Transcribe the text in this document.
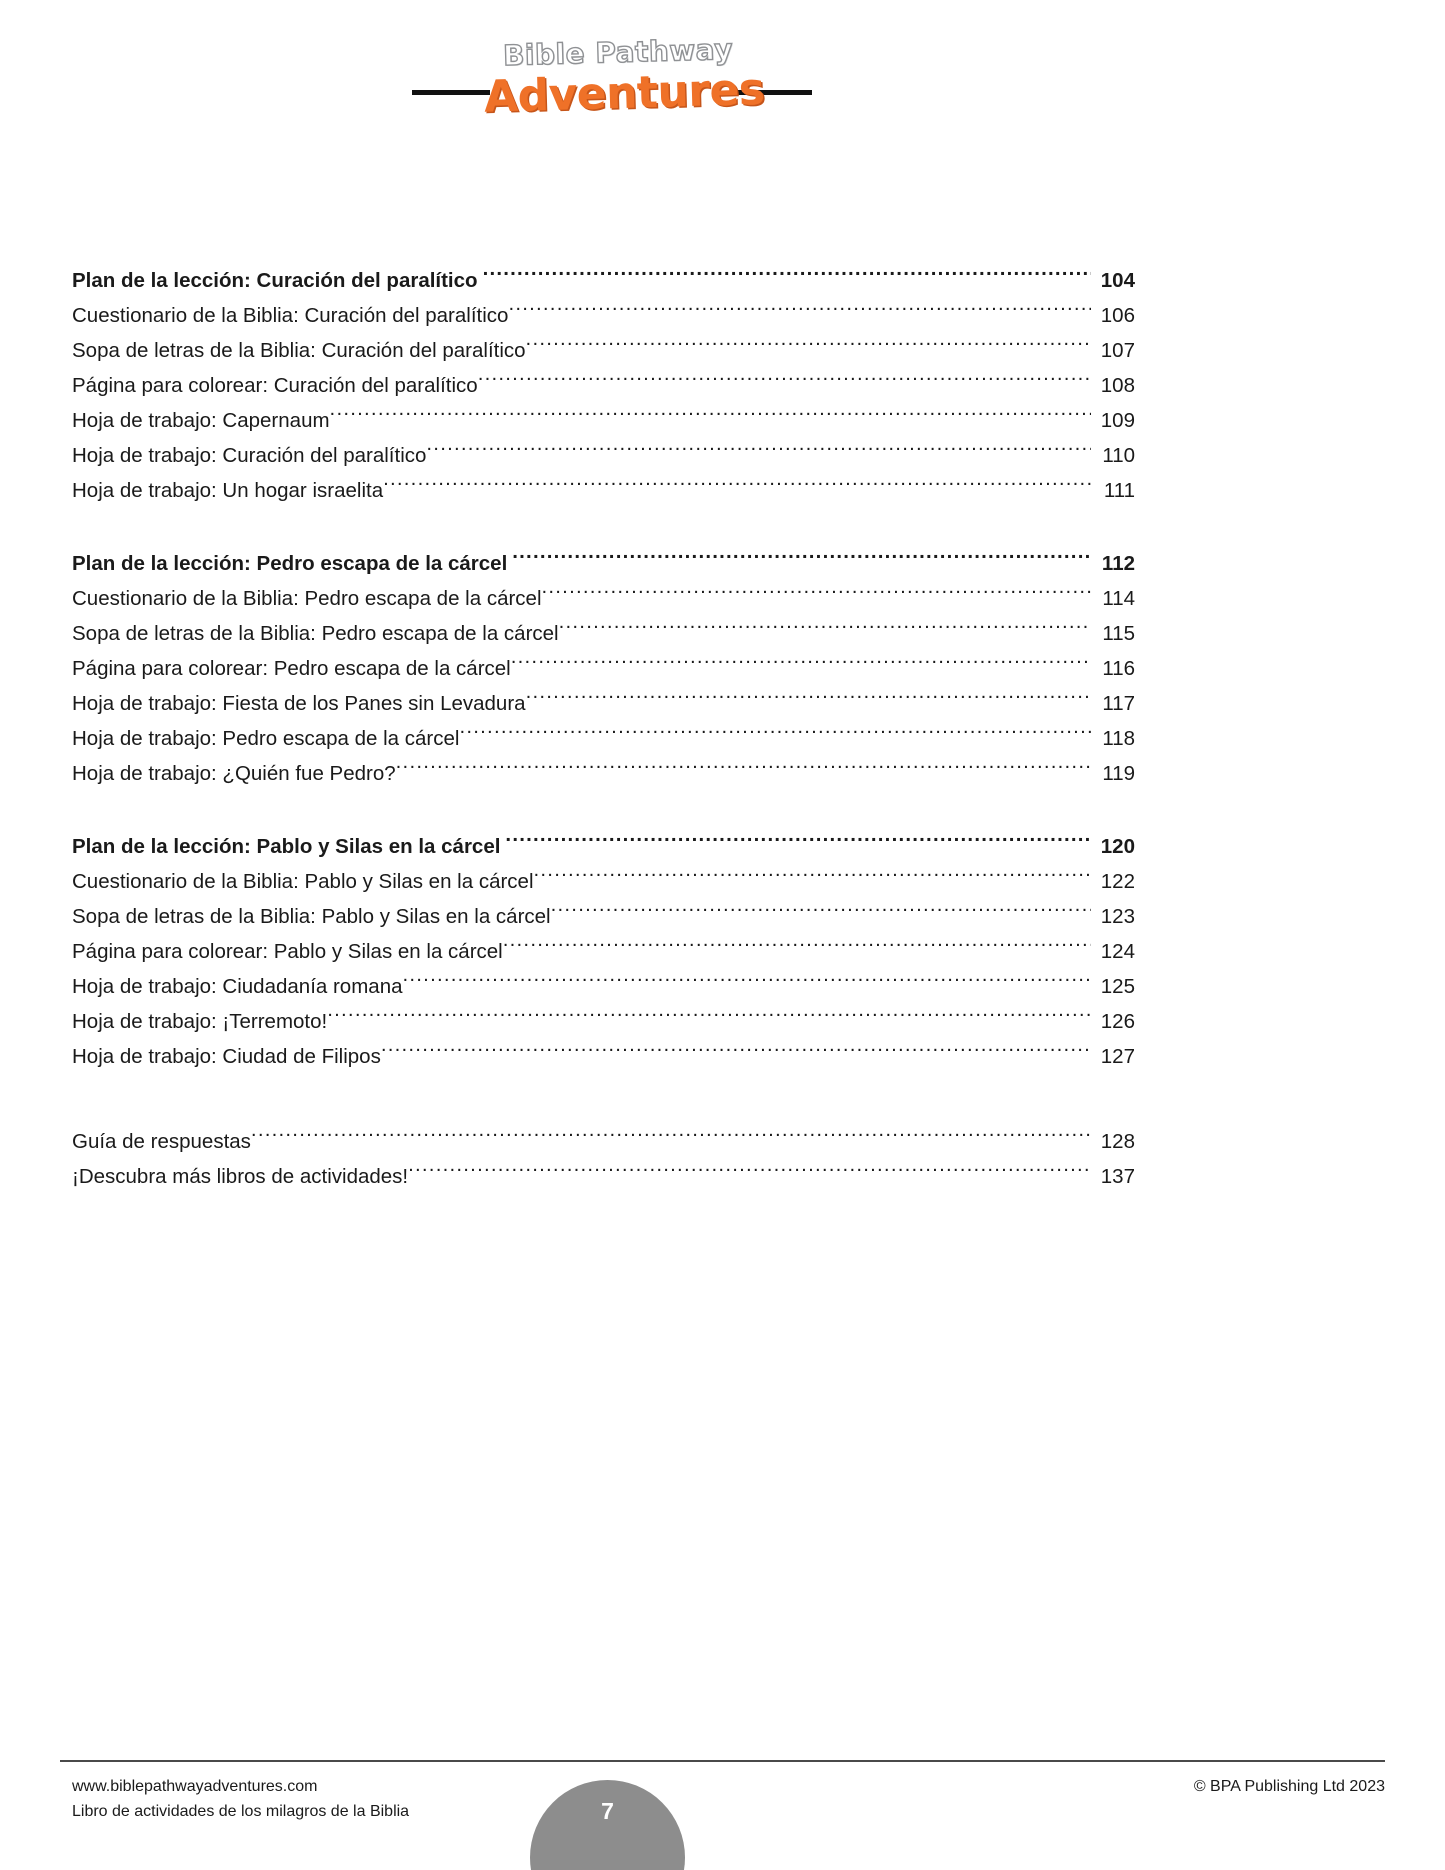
Bible Pathway
Adventures
Plan de la lección: Curación del paralítico .....	104
Cuestionario de la Biblia: Curación del paralítico .....	106
Sopa de letras de la Biblia: Curación del paralítico .....	107
Página para colorear: Curación del paralítico .....	108
Hoja de trabajo: Capernaum .....	109
Hoja de trabajo: Curación del paralítico .....	110
Hoja de trabajo: Un hogar israelita .....	111
Plan de la lección: Pedro escapa de la cárcel .....	112
Cuestionario de la Biblia: Pedro escapa de la cárcel .....	114
Sopa de letras de la Biblia: Pedro escapa de la cárcel .....	115
Página para colorear: Pedro escapa de la cárcel .....	116
Hoja de trabajo: Fiesta de los Panes sin Levadura .....	117
Hoja de trabajo: Pedro escapa de la cárcel .....	118
Hoja de trabajo: ¿Quién fue Pedro? .....	119
Plan de la lección: Pablo y Silas en la cárcel .....	120
Cuestionario de la Biblia: Pablo y Silas en la cárcel .....	122
Sopa de letras de la Biblia: Pablo y Silas en la cárcel .....	123
Página para colorear: Pablo y Silas en la cárcel .....	124
Hoja de trabajo: Ciudadanía romana .....	125
Hoja de trabajo: ¡Terremoto! .....	126
Hoja de trabajo: Ciudad de Filipos .....	127
Guía de respuestas .....	128
¡Descubra más libros de actividades! .....	137
www.biblepathwayadventures.com
Libro de actividades de los milagros de la Biblia
© BPA Publishing Ltd 2023
7
